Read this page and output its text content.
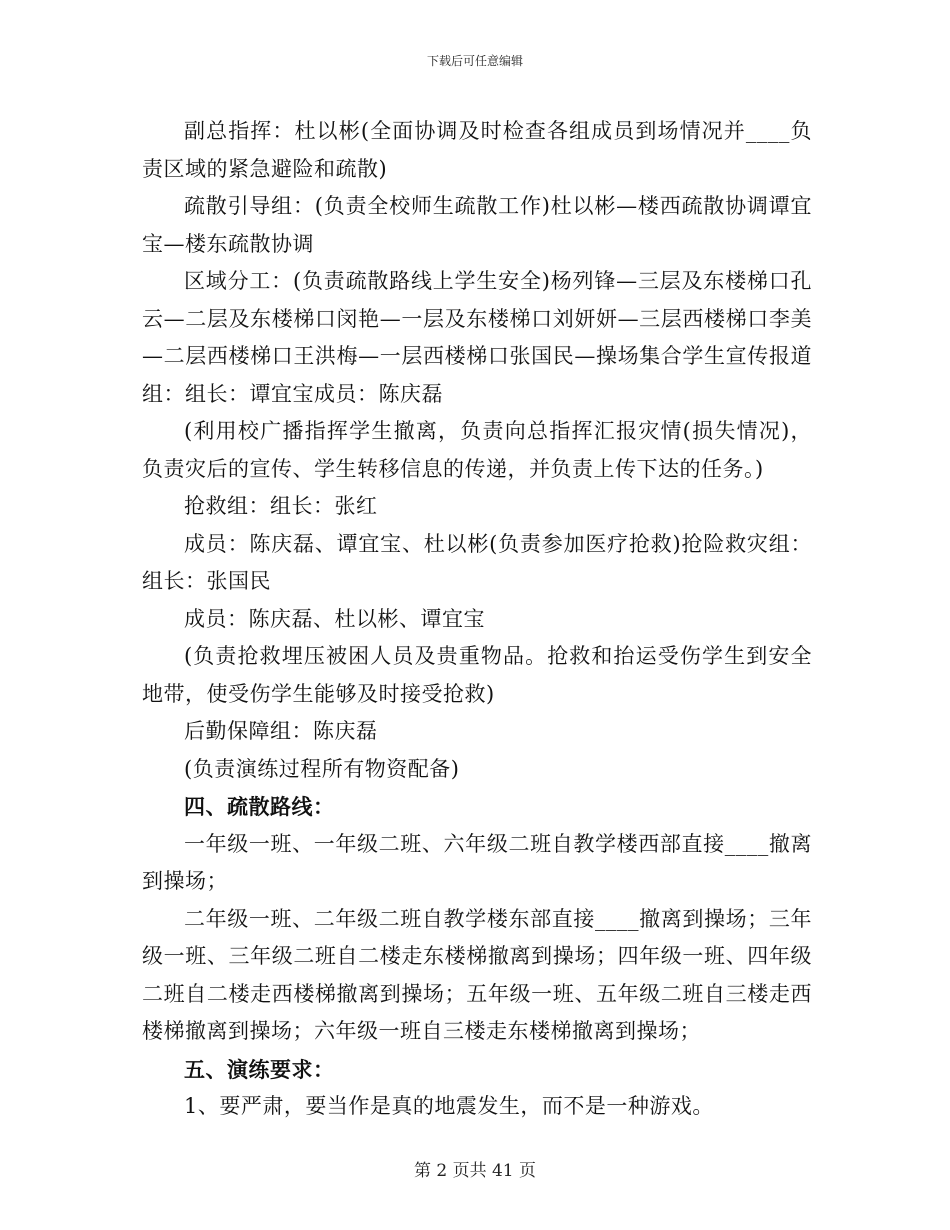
下载后可任意编辑

副总指挥：杜以彬(全面协调及时检查各组成员到场情况并____负责区域的紧急避险和疏散)

疏散引导组：(负责全校师生疏散工作)杜以彬—楼西疏散协调谭宜宝—楼东疏散协调

区域分工：(负责疏散路线上学生安全)杨列锋—三层及东楼梯口孔云—二层及东楼梯口闵艳—一层及东楼梯口刘妍妍—三层西楼梯口李美—二层西楼梯口王洪梅—一层西楼梯口张国民—操场集合学生宣传报道组：组长：谭宜宝成员：陈庆磊

(利用校广播指挥学生撤离，负责向总指挥汇报灾情(损失情况)，负责灾后的宣传、学生转移信息的传递，并负责上传下达的任务。)

抢救组：组长：张红

成员：陈庆磊、谭宜宝、杜以彬(负责参加医疗抢救)抢险救灾组：组长：张国民

成员：陈庆磊、杜以彬、谭宜宝

(负责抢救埋压被困人员及贵重物品。抢救和抬运受伤学生到安全地带，使受伤学生能够及时接受抢救)

后勤保障组：陈庆磊

(负责演练过程所有物资配备)

四、疏散路线：

一年级一班、一年级二班、六年级二班自教学楼西部直接____撤离到操场；

二年级一班、二年级二班自教学楼东部直接____撤离到操场；三年级一班、三年级二班自二楼走东楼梯撤离到操场；四年级一班、四年级二班自二楼走西楼梯撤离到操场；五年级一班、五年级二班自三楼走西楼梯撤离到操场；六年级一班自三楼走东楼梯撤离到操场；

五、演练要求：

1、要严肃，要当作是真的地震发生，而不是一种游戏。

第 2 页共 41 页
